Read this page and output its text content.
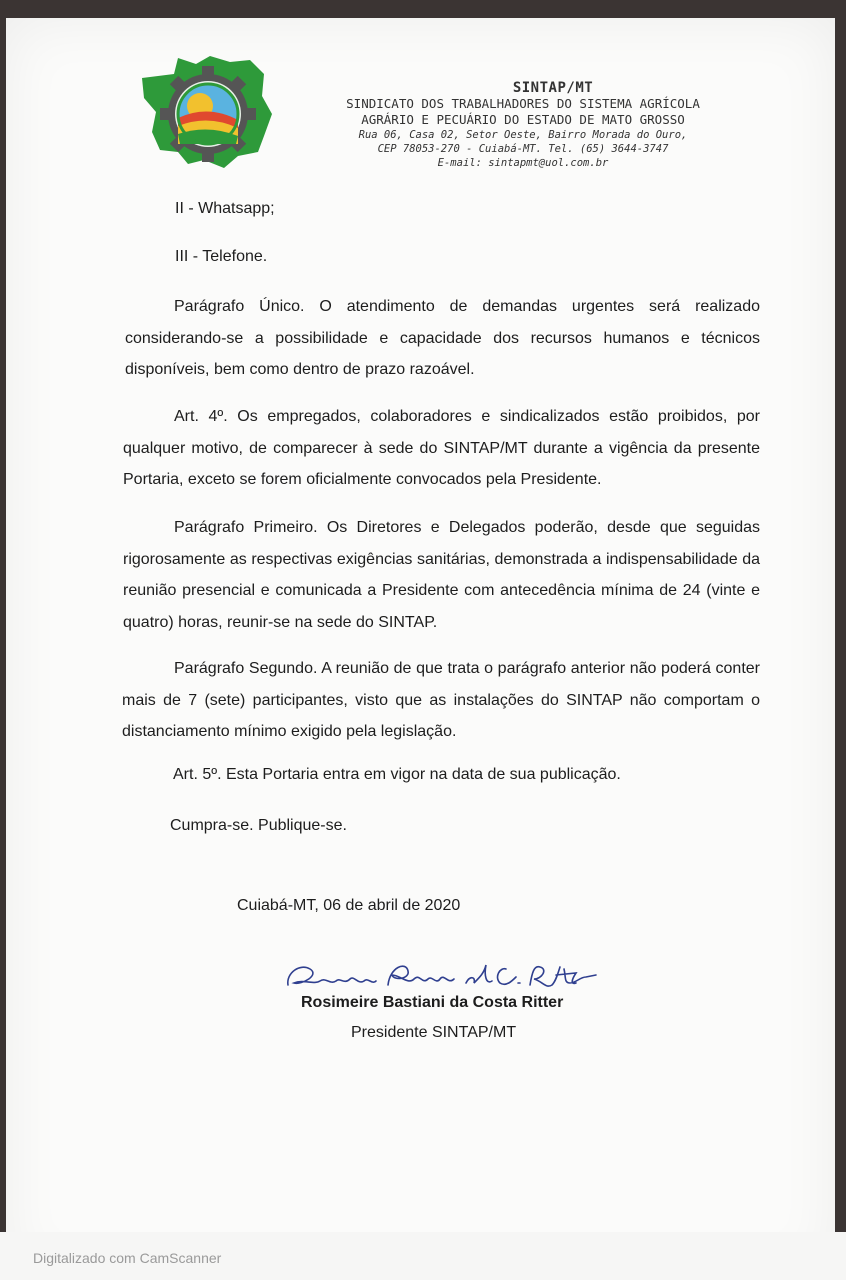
SINTAP/MT
SINDICATO DOS TRABALHADORES DO SISTEMA AGRÍCOLA
AGRÁRIO E PECUÁRIO DO ESTADO DE MATO GROSSO
Rua 06, Casa 02, Setor Oeste, Bairro Morada do Ouro,
CEP 78053-270 - Cuiabá-MT. Tel. (65) 3644-3747
E-mail: sintapmt@uol.com.br

II - Whatsapp;

III - Telefone.

Parágrafo Único. O atendimento de demandas urgentes será realizado considerando-se a possibilidade e capacidade dos recursos humanos e técnicos disponíveis, bem como dentro de prazo razoável.

Art. 4º. Os empregados, colaboradores e sindicalizados estão proibidos, por qualquer motivo, de comparecer à sede do SINTAP/MT durante a vigência da presente Portaria, exceto se forem oficialmente convocados pela Presidente.

Parágrafo Primeiro. Os Diretores e Delegados poderão, desde que seguidas rigorosamente as respectivas exigências sanitárias, demonstrada a indispensabilidade da reunião presencial e comunicada a Presidente com antecedência mínima de 24 (vinte e quatro) horas, reunir-se na sede do SINTAP.

Parágrafo Segundo. A reunião de que trata o parágrafo anterior não poderá conter mais de 7 (sete) participantes, visto que as instalações do SINTAP não comportam o distanciamento mínimo exigido pela legislação.

Art. 5º. Esta Portaria entra em vigor na data de sua publicação.

Cumpra-se. Publique-se.

Cuiabá-MT, 06 de abril de 2020

Rosimeire Bastiani da Costa Ritter

Presidente SINTAP/MT

Digitalizado com CamScanner
